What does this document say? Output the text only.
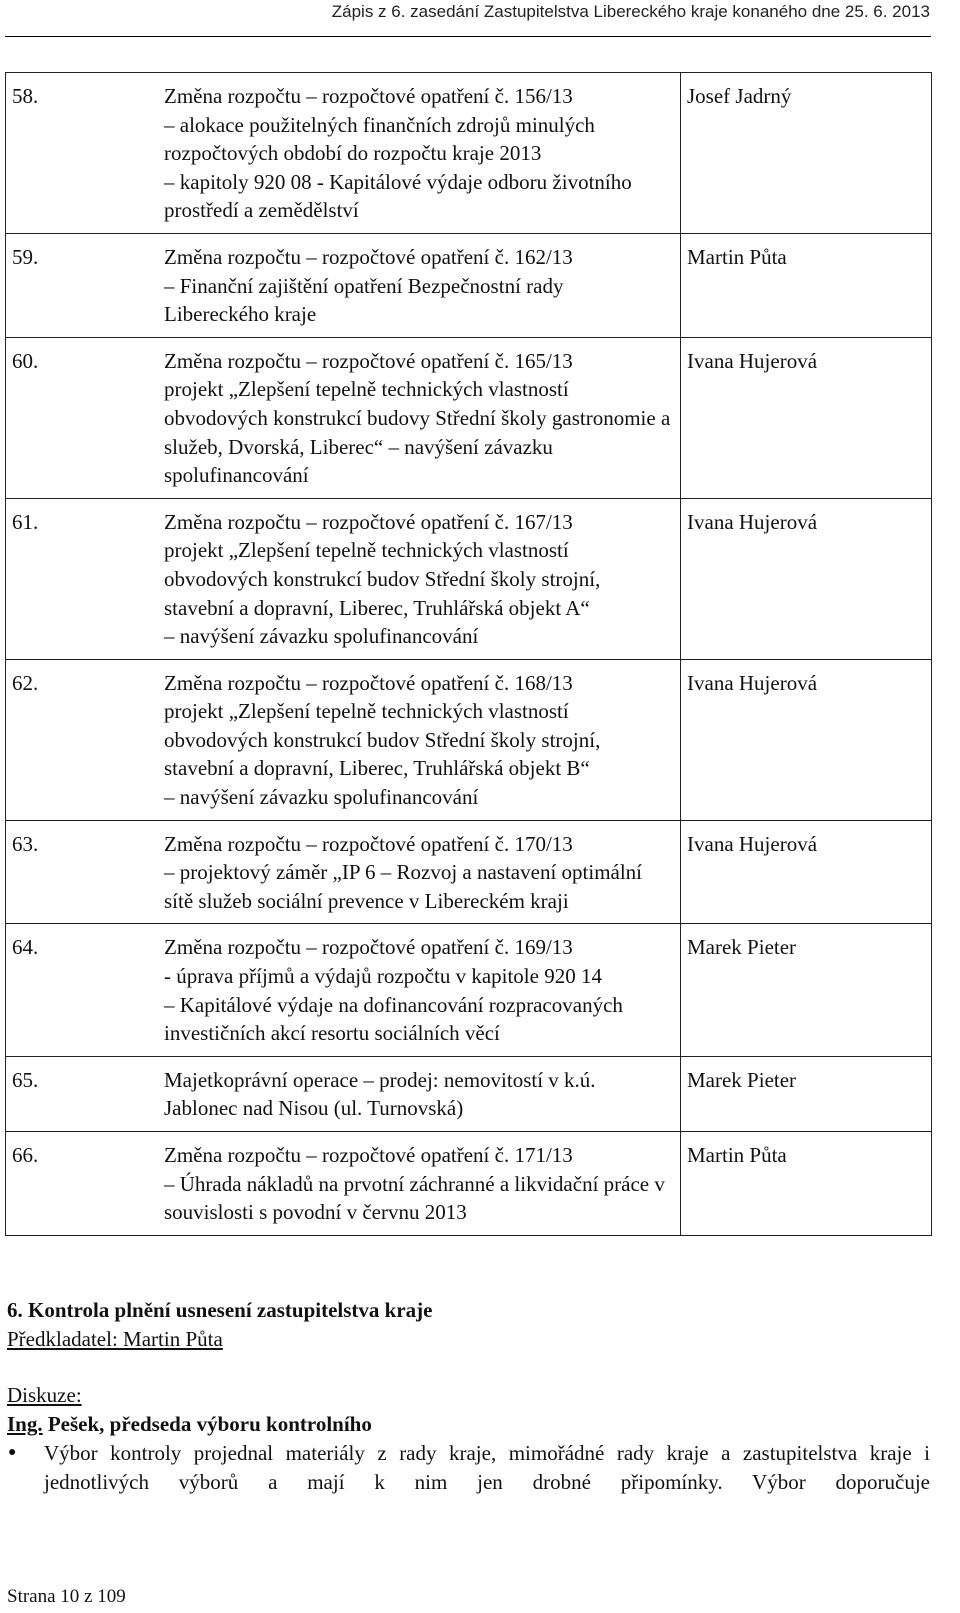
Zápis z 6. zasedání Zastupitelstva Libereckého kraje konaného dne 25. 6. 2013
58. Změna rozpočtu – rozpočtové opatření č. 156/13
– alokace použitelných finančních zdrojů minulých rozpočtových období do rozpočtu kraje 2013
– kapitoly 920 08 - Kapitálové výdaje odboru životního prostředí a zemědělství	Josef Jadrný

59. Změna rozpočtu – rozpočtové opatření č. 162/13
– Finanční zajištění opatření Bezpečnostní rady Libereckého kraje	Martin Půta

60. Změna rozpočtu – rozpočtové opatření č. 165/13
projekt „Zlepšení tepelně technických vlastností obvodových konstrukcí budovy Střední školy gastronomie a služeb, Dvorská, Liberec“ – navýšení závazku spolufinancování	Ivana Hujerová

61. Změna rozpočtu – rozpočtové opatření č. 167/13
projekt „Zlepšení tepelně technických vlastností obvodových konstrukcí budov Střední školy strojní, stavební a dopravní, Liberec, Truhlářská objekt A“
– navýšení závazku spolufinancování	Ivana Hujerová

62. Změna rozpočtu – rozpočtové opatření č. 168/13
projekt „Zlepšení tepelně technických vlastností obvodových konstrukcí budov Střední školy strojní, stavební a dopravní, Liberec, Truhlářská objekt B“
– navýšení závazku spolufinancování	Ivana Hujerová

63. Změna rozpočtu – rozpočtové opatření č. 170/13
– projektový záměr „IP 6 – Rozvoj a nastavení optimální sítě služeb sociální prevence v Libereckém kraji	Ivana Hujerová

64. Změna rozpočtu – rozpočtové opatření č. 169/13
- úprava příjmů a výdajů rozpočtu v kapitole 920 14
– Kapitálové výdaje na dofinancování rozpracovaných investičních akcí resortu sociálních věcí	Marek Pieter

65. Majetkoprávní operace – prodej: nemovitostí v k.ú. Jablonec nad Nisou (ul. Turnovská)	Marek Pieter

66. Změna rozpočtu – rozpočtové opatření č. 171/13
– Úhrada nákladů na prvotní záchranné a likvidační práce v souvislosti s povodní v červnu 2013	Martin Půta
6. Kontrola plnění usnesení zastupitelstva kraje
Předkladatel: Martin Půta
Diskuze:
Ing. Pešek, předseda výboru kontrolního
●	Výbor kontroly projednal materiály z rady kraje, mimořádné rady kraje a zastupitelstva kraje i jednotlivých výborů a mají k nim jen drobné připomínky. Výbor doporučuje
Strana 10 z 109
